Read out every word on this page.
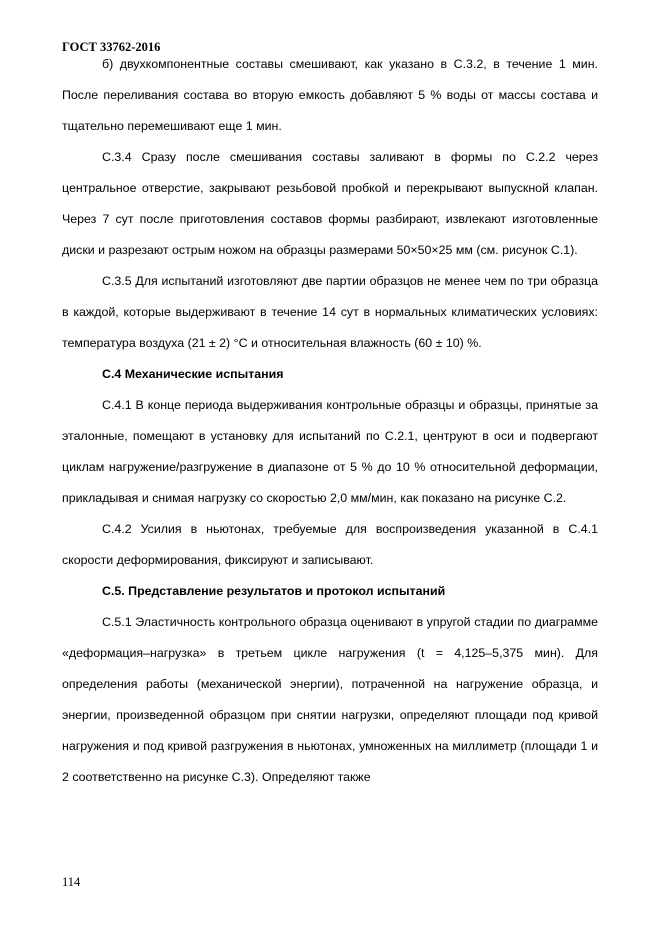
ГОСТ 33762-2016

б) двухкомпонентные составы смешивают, как указано в С.3.2, в течение 1 мин. После переливания состава во вторую емкость добавляют 5 % воды от массы состава и тщательно перемешивают еще 1 мин.

С.3.4 Сразу после смешивания составы заливают в формы по С.2.2 через центральное отверстие, закрывают резьбовой пробкой и перекрывают выпускной клапан. Через 7 сут после приготовления составов формы разбирают, извлекают изготовленные диски и разрезают острым ножом на образцы размерами 50×50×25 мм (см. рисунок С.1).

С.3.5 Для испытаний изготовляют две партии образцов не менее чем по три образца в каждой, которые выдерживают в течение 14 сут в нормальных климатических условиях: температура воздуха (21 ± 2) °С и относительная влажность (60 ± 10) %.

С.4 Механические испытания

С.4.1 В конце периода выдерживания контрольные образцы и образцы, принятые за эталонные, помещают в установку для испытаний по С.2.1, центруют в оси и подвергают циклам нагружение/разгружение в диапазоне от 5 % до 10 % относительной деформации, прикладывая и снимая нагрузку со скоростью 2,0 мм/мин, как показано на рисунке С.2.

С.4.2 Усилия в ньютонах, требуемые для воспроизведения указанной в С.4.1 скорости деформирования, фиксируют и записывают.

С.5. Представление результатов и протокол испытаний

С.5.1 Эластичность контрольного образца оценивают в упругой стадии по диаграмме «деформация–нагрузка» в третьем цикле нагружения (t = 4,125–5,375 мин). Для определения работы (механической энергии), потраченной на нагружение образца, и энергии, произведенной образцом при снятии нагрузки, определяют площади под кривой нагружения и под кривой разгружения в ньютонах, умноженных на миллиметр (площади 1 и 2 соответственно на рисунке С.3). Определяют также

114
